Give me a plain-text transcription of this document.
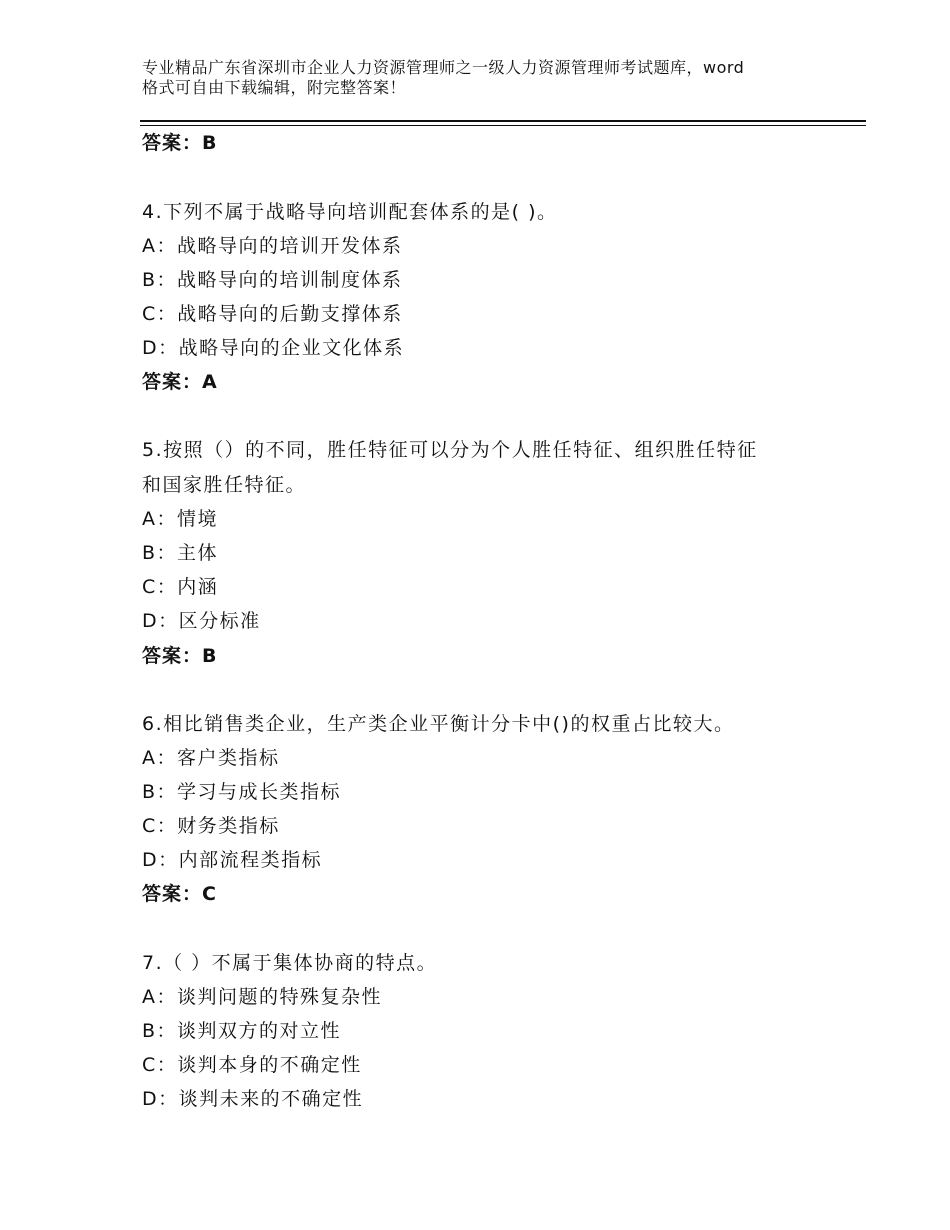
专业精品广东省深圳市企业人力资源管理师之一级人力资源管理师考试题库，word
格式可自由下载编辑，附完整答案！
答案：B
4.下列不属于战略导向培训配套体系的是( )。
A：战略导向的培训开发体系
B：战略导向的培训制度体系
C：战略导向的后勤支撑体系
D：战略导向的企业文化体系
答案：A
5.按照（）的不同，胜任特征可以分为个人胜任特征、组织胜任特征
和国家胜任特征。
A：情境
B：主体
C：内涵
D：区分标准
答案：B
6.相比销售类企业，生产类企业平衡计分卡中()的权重占比较大。
A：客户类指标
B：学习与成长类指标
C：财务类指标
D：内部流程类指标
答案：C
7.（ ）不属于集体协商的特点。
A：谈判问题的特殊复杂性
B：谈判双方的对立性
C：谈判本身的不确定性
D：谈判未来的不确定性
